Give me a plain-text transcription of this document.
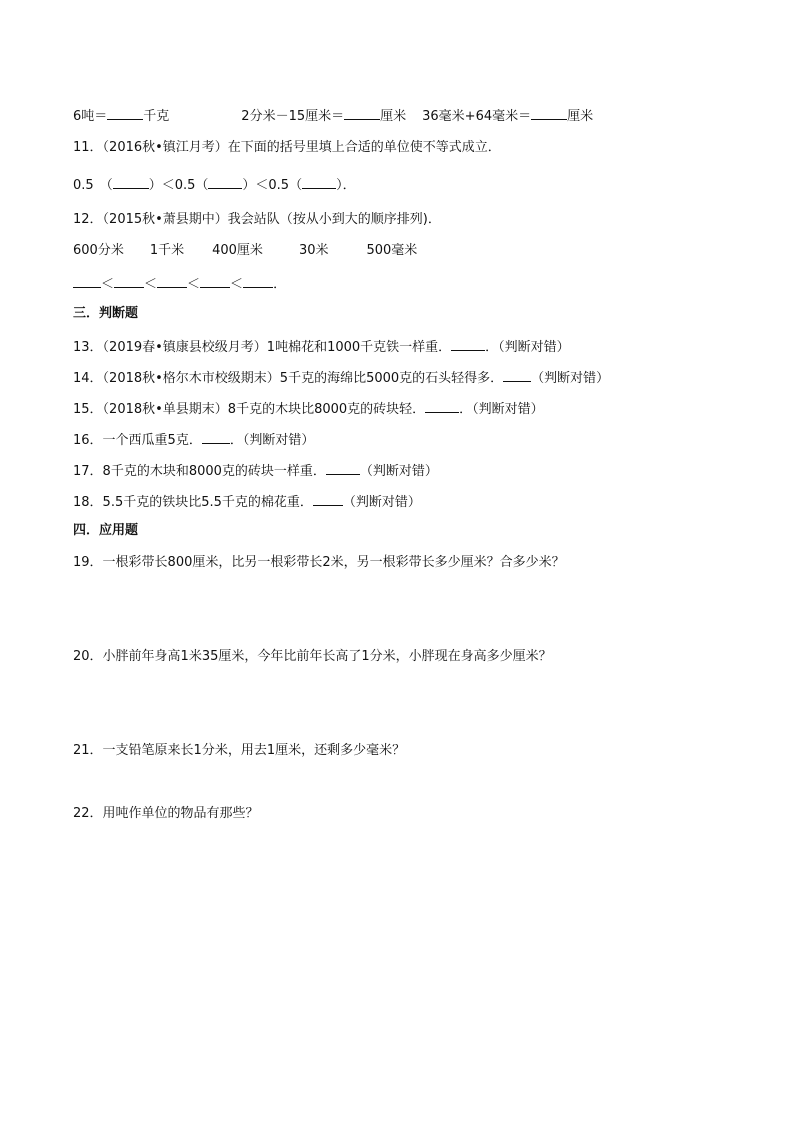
6吨＝	千克	2分米－15厘米＝	厘米 36毫米+64毫米＝	厘米
11．（2016秋•镇江月考）在下面的括号里填上合适的单位使不等式成立．
0.5 （	）＜0.5（	）＜0.5（	）．
12．（2015秋•萧县期中）我会站队（按从小到大的顺序排列)．
600分米 1千米 400厘米	30米	500毫米
＜ ＜ ＜ ＜ ．
三．判断题
13．（2019春•镇康县校级月考）1吨棉花和1000千克铁一样重．	．（判断对错）
14．（2018秋•格尔木市校级期末）5千克的海绵比5000克的石头轻得多． （判断对错）
15．（2018秋•单县期末）8千克的木块比8000克的砖块轻．	．（判断对错）
16．一个西瓜重5克． ．（判断对错）
17．8千克的木块和8000克的砖块一样重．	（判断对错）
18．5.5千克的铁块比5.5千克的棉花重． （判断对错）
四．应用题
19．一根彩带长800厘米，比另一根彩带长2米，另一根彩带长多少厘米？合多少米？
20．小胖前年身高1米35厘米，今年比前年长高了1分米，小胖现在身高多少厘米？
21．一支铅笔原来长1分米，用去1厘米，还剩多少毫米？
22．用吨作单位的物品有那些？
